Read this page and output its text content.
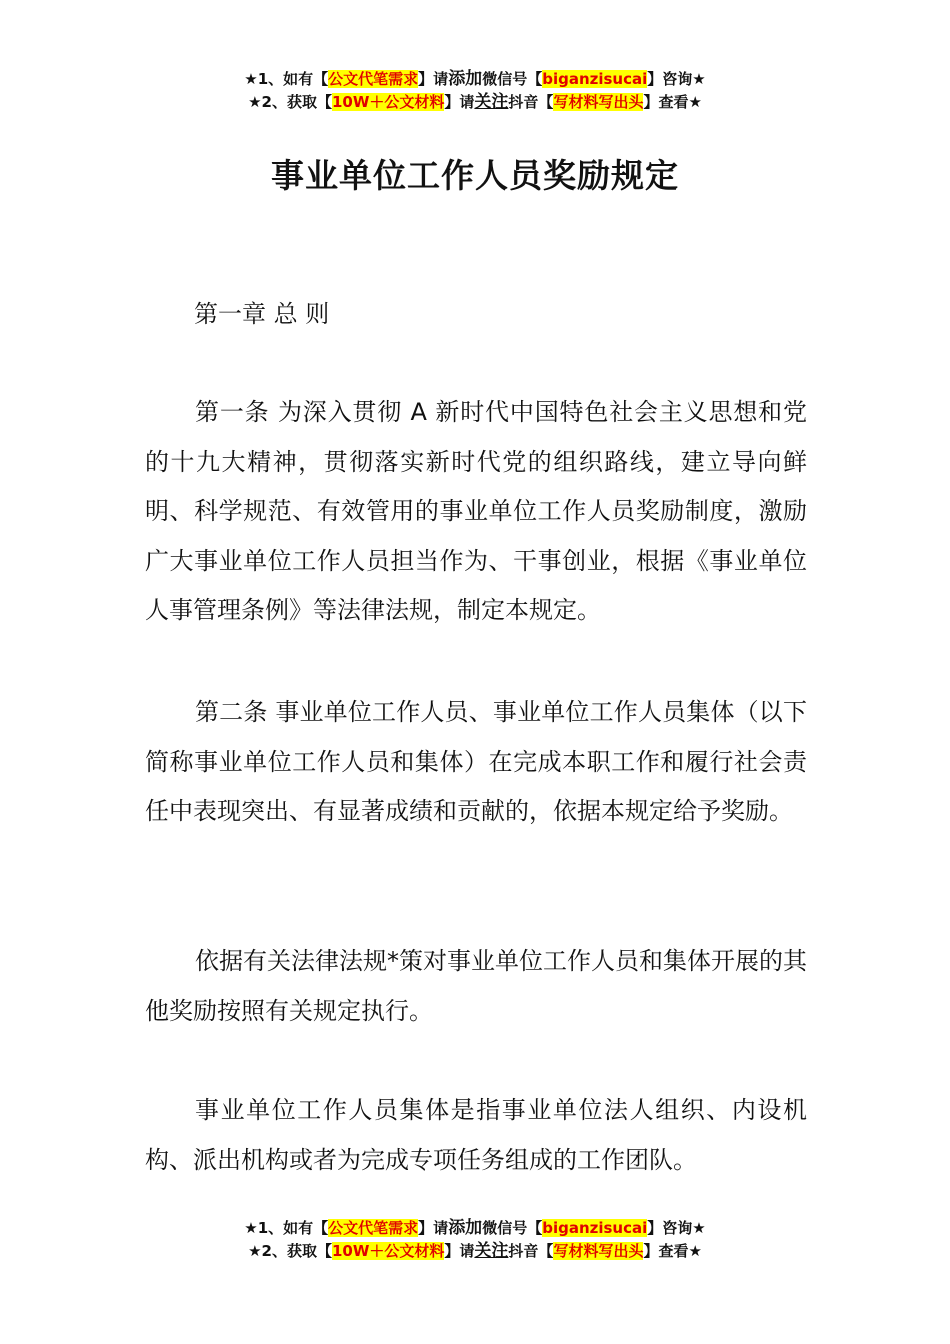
★1、如有【公文代笔需求】请添加微信号【biganzisucai】咨询★
★2、获取【10W＋公文材料】请关注抖音【写材料写出头】查看★
事业单位工作人员奖励规定
第一章 总 则

第一条 为深入贯彻 A 新时代中国特色社会主义思想和党的十九大精神，贯彻落实新时代党的组织路线，建立导向鲜明、科学规范、有效管用的事业单位工作人员奖励制度，激励广大事业单位工作人员担当作为、干事创业，根据《事业单位人事管理条例》等法律法规，制定本规定。

第二条 事业单位工作人员、事业单位工作人员集体（以下简称事业单位工作人员和集体）在完成本职工作和履行社会责任中表现突出、有显著成绩和贡献的，依据本规定给予奖励。

依据有关法律法规*策对事业单位工作人员和集体开展的其他奖励按照有关规定执行。

事业单位工作人员集体是指事业单位法人组织、内设机构、派出机构或者为完成专项任务组成的工作团队。

★1、如有【公文代笔需求】请添加微信号【biganzisucai】咨询★
★2、获取【10W＋公文材料】请关注抖音【写材料写出头】查看★
